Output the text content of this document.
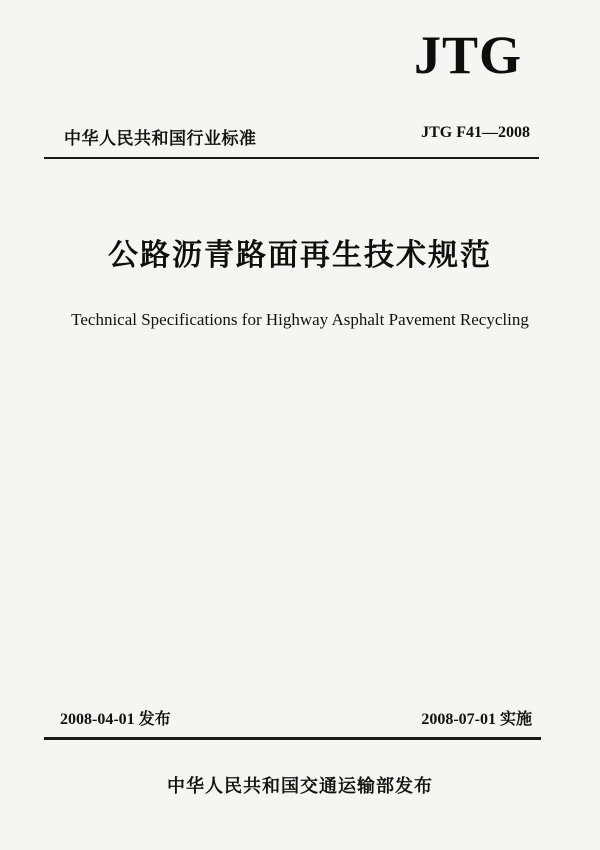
JTG
中华人民共和国行业标准	JTG F41—2008
公路沥青路面再生技术规范
Technical Specifications for Highway Asphalt Pavement Recycling
2008-04-01 发布	2008-07-01 实施
中华人民共和国交通运输部发布
